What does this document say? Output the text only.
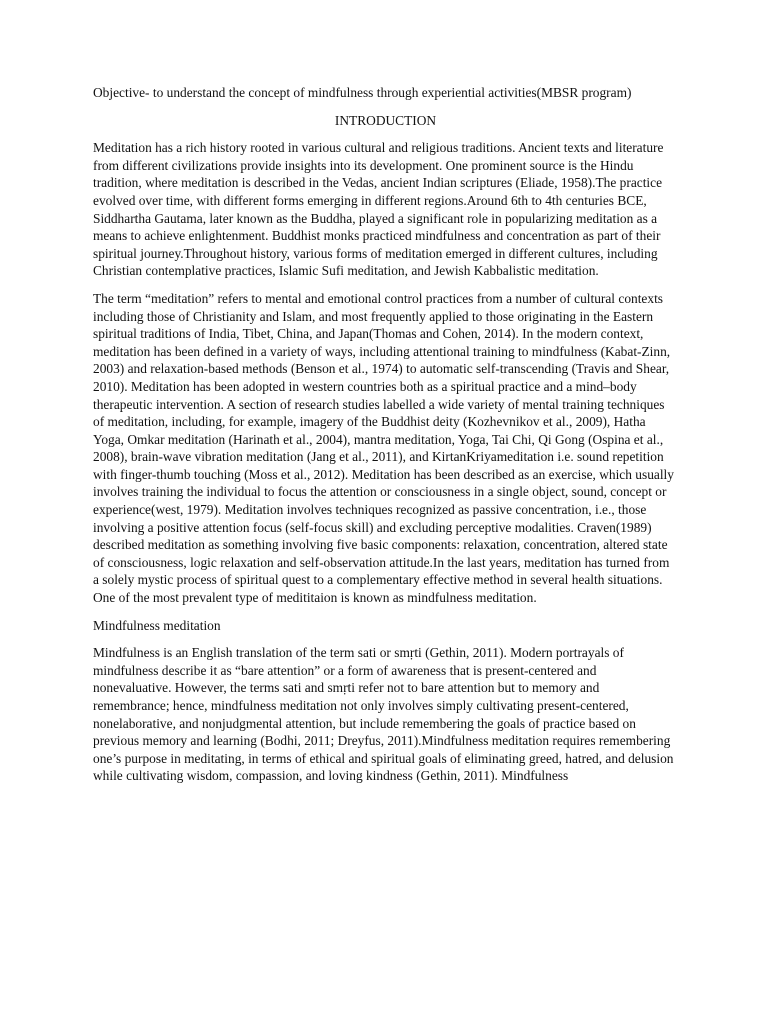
Objective- to understand the concept of mindfulness through experiential activities(MBSR program)

INTRODUCTION

Meditation has a rich history rooted in various cultural and religious traditions. Ancient texts and literature from different civilizations provide insights into its development. One prominent source is the Hindu tradition, where meditation is described in the Vedas, ancient Indian scriptures (Eliade, 1958).The practice evolved over time, with different forms emerging in different regions.Around 6th to 4th centuries BCE, Siddhartha Gautama, later known as the Buddha, played a significant role in popularizing meditation as a means to achieve enlightenment. Buddhist monks practiced mindfulness and concentration as part of their spiritual journey.Throughout history, various forms of meditation emerged in different cultures, including Christian contemplative practices, Islamic Sufi meditation, and Jewish Kabbalistic meditation.

The term “meditation” refers to mental and emotional control practices from a number of cultural contexts including those of Christianity and Islam, and most frequently applied to those originating in the Eastern spiritual traditions of India, Tibet, China, and Japan(Thomas and Cohen, 2014). In the modern context, meditation has been defined in a variety of ways, including attentional training to mindfulness (Kabat-Zinn, 2003) and relaxation-based methods (Benson et al., 1974) to automatic self-transcending (Travis and Shear, 2010). Meditation has been adopted in western countries both as a spiritual practice and a mind–body therapeutic intervention. A section of research studies labelled a wide variety of mental training techniques of meditation, including, for example, imagery of the Buddhist deity (Kozhevnikov et al., 2009), Hatha Yoga, Omkar meditation (Harinath et al., 2004), mantra meditation, Yoga, Tai Chi, Qi Gong (Ospina et al., 2008), brain-wave vibration meditation (Jang et al., 2011), and KirtanKriyameditation i.e. sound repetition with finger-thumb touching (Moss et al., 2012). Meditation has been described as an exercise, which usually involves training the individual to focus the attention or consciousness in a single object, sound, concept or experience(west, 1979). Meditation involves techniques recognized as passive concentration, i.e., those involving a positive attention focus (self-focus skill) and excluding perceptive modalities. Craven(1989) described meditation as something involving five basic components: relaxation, concentration, altered state of consciousness, logic relaxation and self-observation attitude.In the last years, meditation has turned from a solely mystic process of spiritual quest to a complementary effective method in several health situations. One of the most prevalent type of medititaion is known as mindfulness meditation.

Mindfulness meditation

Mindfulness is an English translation of the term sati or smṛti (Gethin, 2011). Modern portrayals of mindfulness describe it as “bare attention” or a form of awareness that is present-centered and nonevaluative. However, the terms sati and smṛti refer not to bare attention but to memory and remembrance; hence, mindfulness meditation not only involves simply cultivating present-centered, nonelaborative, and nonjudgmental attention, but include remembering the goals of practice based on previous memory and learning (Bodhi, 2011; Dreyfus, 2011).Mindfulness meditation requires remembering one’s purpose in meditating, in terms of ethical and spiritual goals of eliminating greed, hatred, and delusion while cultivating wisdom, compassion, and loving kindness (Gethin, 2011). Mindfulness
